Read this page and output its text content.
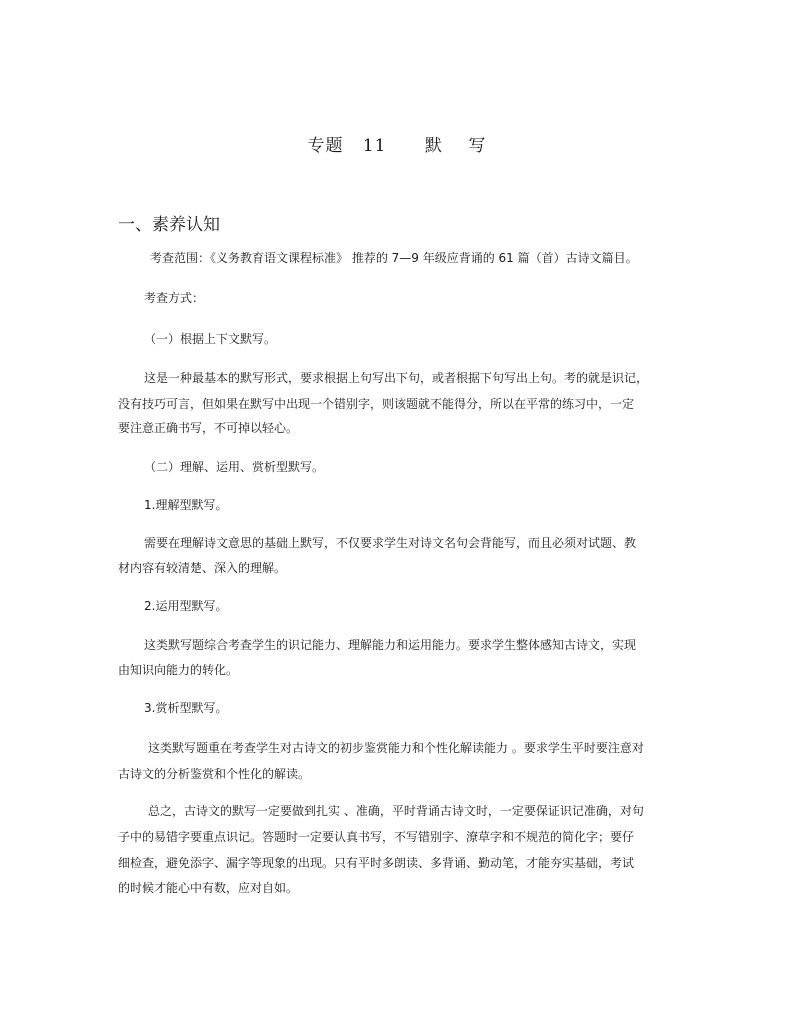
专题   11      默    写
一、素养认知
考查范围：《义务教育语文课程标准》 推荐的 7—9 年级应背诵的 61 篇（首）古诗文篇目。
考查方式：
（一）根据上下文默写。
这是一种最基本的默写形式，要求根据上句写出下句，或者根据下句写出上句。考的就是识记，
没有技巧可言，但如果在默写中出现一个错别字，则该题就不能得分，所以在平常的练习中，一定
要注意正确书写，不可掉以轻心。
（二）理解、运用、赏析型默写。
1.理解型默写。
需要在理解诗文意思的基础上默写，不仅要求学生对诗文名句会背能写，而且必须对试题、教
材内容有较清楚、深入的理解。
2.运用型默写。
这类默写题综合考查学生的识记能力、理解能力和运用能力。要求学生整体感知古诗文，实现
由知识向能力的转化。
3.赏析型默写。
这类默写题重在考查学生对古诗文的初步鉴赏能力和个性化解读能力 。要求学生平时要注意对
古诗文的分析鉴赏和个性化的解读。
总之，古诗文的默写一定要做到扎实 、准确，平时背诵古诗文时，一定要保证识记准确，对句
子中的易错字要重点识记。答题时一定要认真书写，不写错别字、潦草字和不规范的简化字；要仔
细检查，避免添字、漏字等现象的出现。只有平时多朗读、多背诵、勤动笔，才能夯实基础，考试
的时候才能心中有数，应对自如。
